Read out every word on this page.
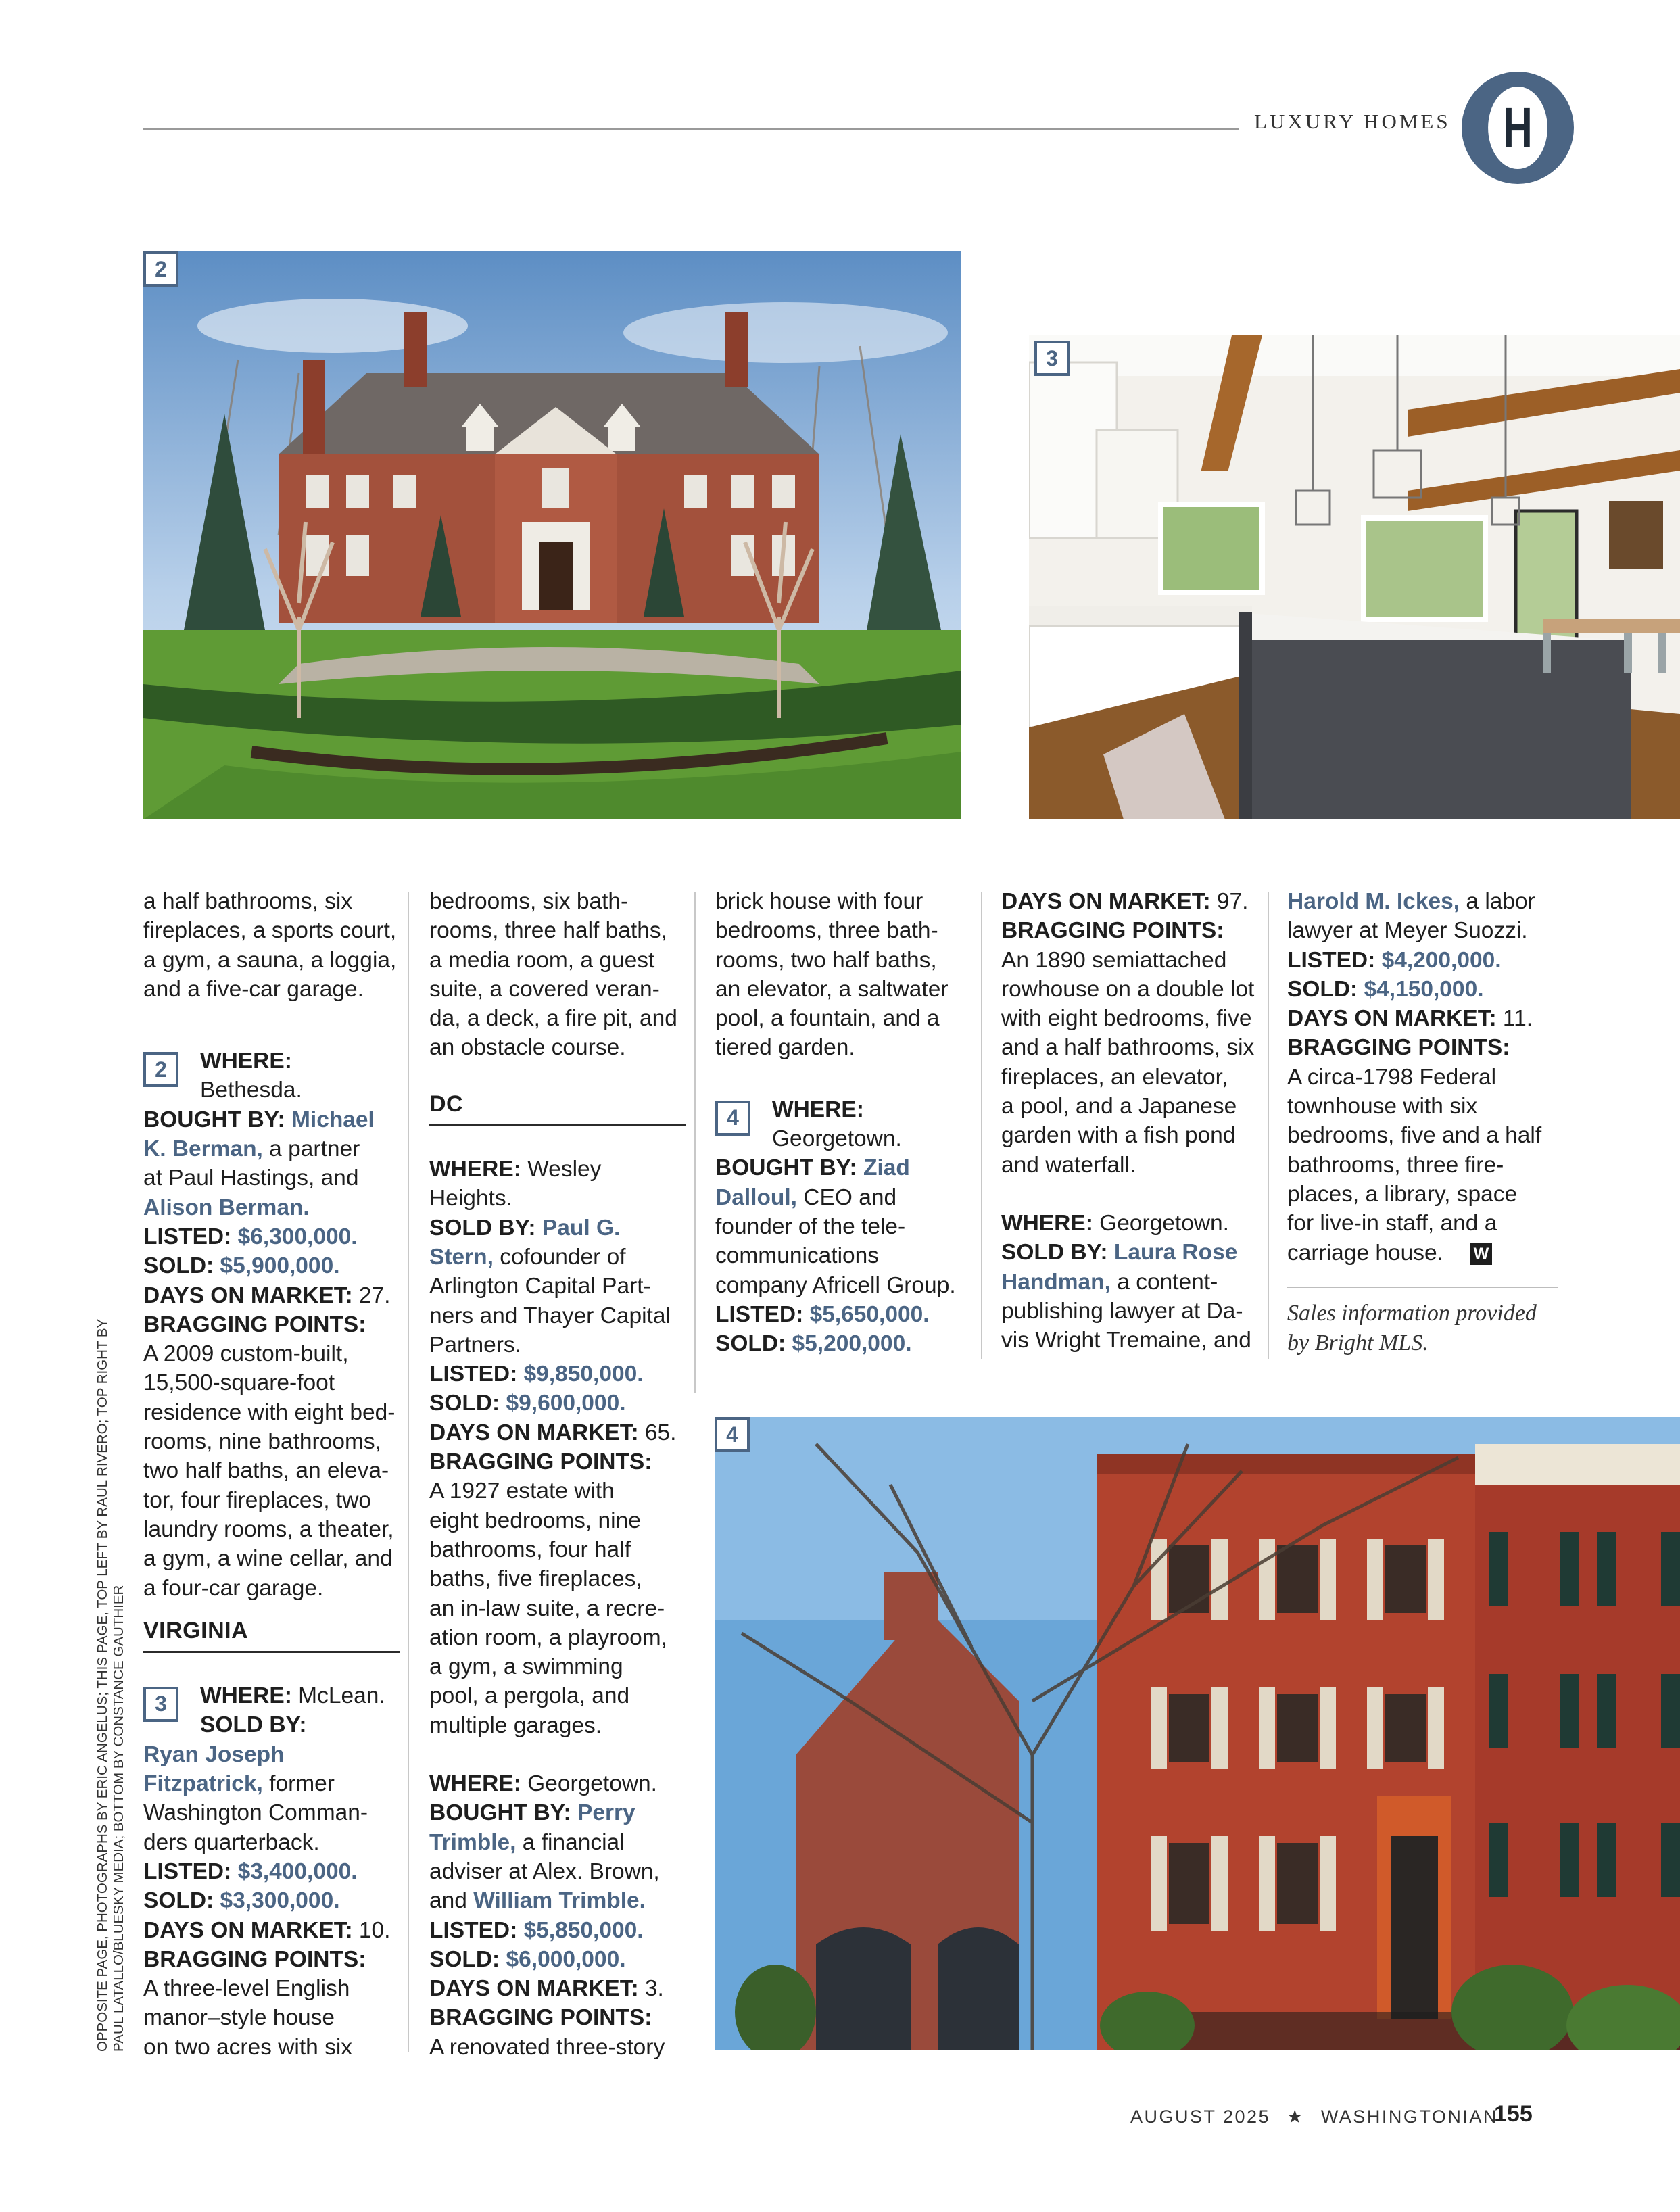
LUXURY HOMES H
2
3
4

a half bathrooms, six

fireplaces, a sports court,

a gym, a sauna, a loggia,

and a five-car garage.

2	WHERE:

Bethesda.

BOUGHT BY: Michael

K. Berman, a partner

at Paul Hastings, and

Alison Berman.

LISTED: $6,300,000.

SOLD: $5,900,000.

DAYS ON MARKET: 27.

BRAGGING POINTS:

A 2009 custom-built,

15,500-square-foot

residence with eight bed-

rooms, nine bathrooms,

two half baths, an eleva-

tor, four fireplaces, two

laundry rooms, a theater,

a gym, a wine cellar, and

a four-car garage.

VIRGINIA
3	WHERE: McLean.

SOLD BY:

Ryan Joseph

Fitzpatrick, former

Washington Comman-

ders quarterback.

LISTED: $3,400,000.

SOLD: $3,300,000.

DAYS ON MARKET: 10.

BRAGGING POINTS:

A three-level English

manor–style house

on two acres with six

bedrooms, six bath-

rooms, three half baths,

a media room, a guest

suite, a covered veran-

da, a deck, a fire pit, and

an obstacle course.

DC

WHERE: Wesley

Heights.

SOLD BY: Paul G.

Stern, cofounder of

Arlington Capital Part-

ners and Thayer Capital

Partners.

LISTED: $9,850,000.

SOLD: $9,600,000.

DAYS ON MARKET: 65.

BRAGGING POINTS:

A 1927 estate with

eight bedrooms, nine

bathrooms, four half

baths, five fireplaces,

an in-law suite, a recre-

ation room, a playroom,

a gym, a swimming

pool, a pergola, and

multiple garages.

WHERE: Georgetown.

BOUGHT BY: Perry

Trimble, a financial

adviser at Alex. Brown,

and William Trimble.

LISTED: $5,850,000.

SOLD: $6,000,000.

DAYS ON MARKET: 3.

BRAGGING POINTS:

A renovated three-story

brick house with four

bedrooms, three bath-

rooms, two half baths,

an elevator, a saltwater

pool, a fountain, and a

tiered garden.

4	WHERE:

Georgetown.

BOUGHT BY: Ziad

Dalloul, CEO and

founder of the tele-

communications

company Africell Group.

LISTED: $5,650,000.

SOLD: $5,200,000.

DAYS ON MARKET: 97.

BRAGGING POINTS:

An 1890 semiattached

rowhouse on a double lot

with eight bedrooms, five

and a half bathrooms, six

fireplaces, an elevator,

a pool, and a Japanese

garden with a fish pond

and waterfall.

WHERE: Georgetown.

SOLD BY: Laura Rose

Handman, a content-

publishing lawyer at Da-

vis Wright Tremaine, and

Harold M. Ickes, a labor

lawyer at Meyer Suozzi.

LISTED: $4,200,000.

SOLD: $4,150,000.

DAYS ON MARKET: 11.

BRAGGING POINTS:

A circa-1798 Federal

townhouse with six

bedrooms, five and a half

bathrooms, three fire-

places, a library, space

for live-in staff, and a

carriage house. W

Sales information provided

by Bright MLS.

OPPOSITE PAGE, PHOTOGRAPHS BY ERIC ANGELUS; THIS PAGE, TOP LEFT BY RAUL RIVERO; TOP RIGHT BY PAUL LATALLO/BLUESKY MEDIA; BOTTOM BY CONSTANCE GAUTHIER
AUGUST 2025 ★ WASHINGTONIAN
155
